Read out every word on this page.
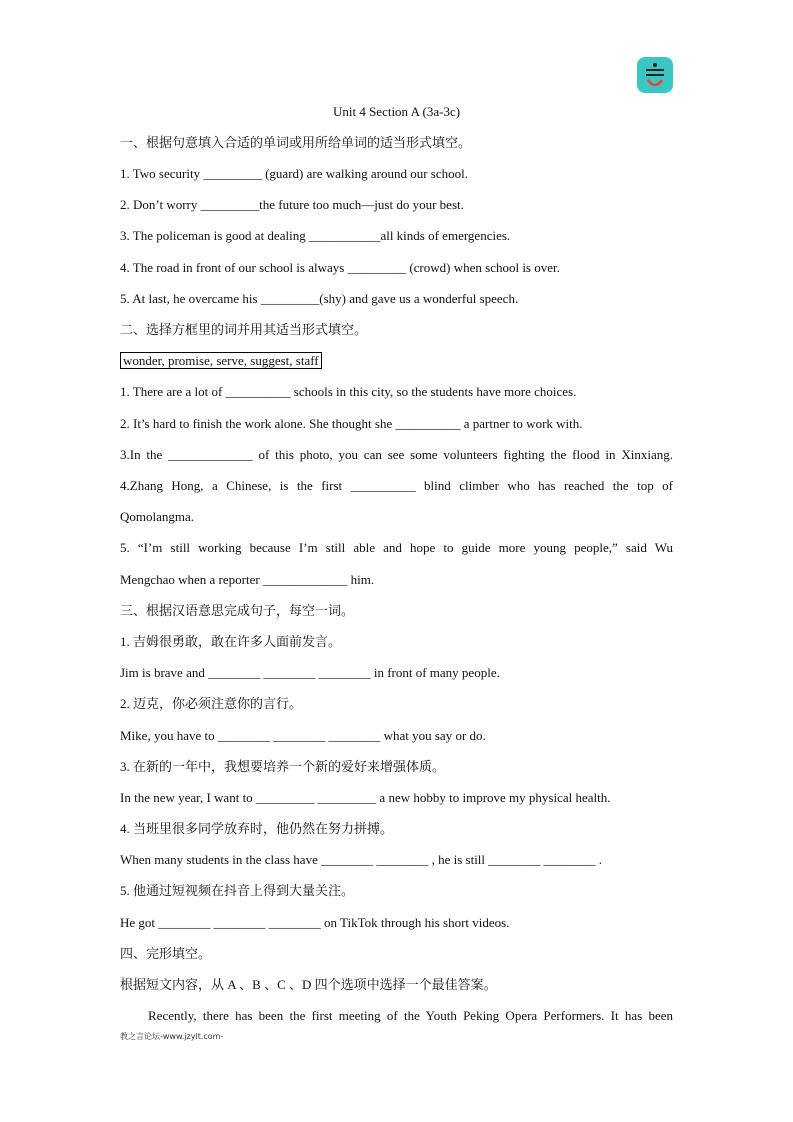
Unit 4 Section A (3a-3c)
一、根据句意填入合适的单词或用所给单词的适当形式填空。
1. Two security _________ (guard) are walking around our school.
2. Don’t worry _________the future too much—just do your best.
3. The policeman is good at dealing ___________all kinds of emergencies.
4. The road in front of our school is always _________ (crowd) when school is over.
5. At last, he overcame his _________(shy) and gave us a wonderful speech.
二、选择方框里的词并用其适当形式填空。
wonder, promise, serve, suggest, staff
1. There are a lot of __________ schools in this city, so the students have more choices.
2. It’s hard to finish the work alone. She thought she __________ a partner to work with.
3.In the _____________ of this photo, you can see some volunteers fighting the flood in Xinxiang.
4.Zhang Hong, a Chinese, is the first __________ blind climber who has reached the top of
Qomolangma.
5. “I’m still working because I’m still able and hope to guide more young people,” said Wu
Mengchao when a reporter _____________ him.
三、根据汉语意思完成句子，每空一词。
1. 吉姆很勇敢，敢在许多人面前发言。
Jim is brave and ________ ________ ________ in front of many people.
2. 迈克，你必须注意你的言行。
Mike, you have to ________ ________ ________ what you say or do.
3. 在新的一年中，我想要培养一个新的爱好来增强体质。
In the new year, I want to _________ _________ a new hobby to improve my physical health.
4. 当班里很多同学放弃时，他仍然在努力拼搏。
When many students in the class have ________ ________ , he is still ________ ________ .
5. 他通过短视频在抖音上得到大量关注。
He got ________ ________ ________ on TikTok through his short videos.
四、完形填空。
根据短文内容，从 A 、B 、C 、D 四个选项中选择一个最佳答案。
Recently, there has been the first meeting of the Youth Peking Opera Performers. It has been
教之言论坛-www.jzylt.com-
